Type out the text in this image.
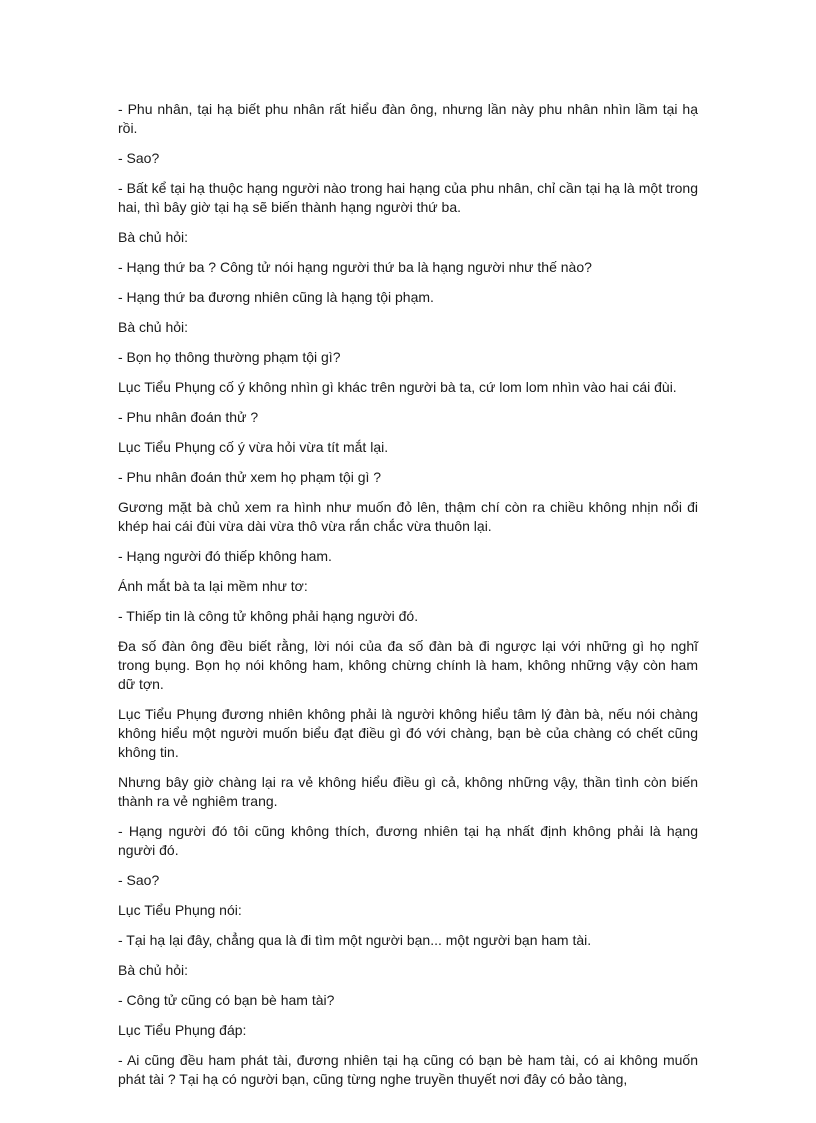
- Phu nhân, tại hạ biết phu nhân rất hiểu đàn ông, nhưng lần này phu nhân nhìn lầm tại hạ rồi.

- Sao?

- Bất kể tại hạ thuộc hạng người nào trong hai hạng của phu nhân, chỉ cần tại hạ là một trong hai, thì bây giờ tại hạ sẽ biến thành hạng người thứ ba.

Bà chủ hỏi:

- Hạng thứ ba ? Công tử nói hạng người thứ ba là hạng người như thế nào?

- Hạng thứ ba đương nhiên cũng là hạng tội phạm.

Bà chủ hỏi:

- Bọn họ thông thường phạm tội gì?

Lục Tiểu Phụng cố ý không nhìn gì khác trên người bà ta, cứ lom lom nhìn vào hai cái đùi.

- Phu nhân đoán thử ?

Lục Tiểu Phụng cố ý vừa hỏi vừa tít mắt lại.

- Phu nhân đoán thử xem họ phạm tội gì ?

Gương mặt bà chủ xem ra hình như muốn đỏ lên, thậm chí còn ra chiều không nhịn nổi đi khép hai cái đùi vừa dài vừa thô vừa rắn chắc vừa thuôn lại.

- Hạng người đó thiếp không ham.

Ánh mắt bà ta lại mềm như tơ:

- Thiếp tin là công tử không phải hạng người đó.

Đa số đàn ông đều biết rằng, lời nói của đa số đàn bà đi ngược lại với những gì họ nghĩ trong bụng. Bọn họ nói không ham, không chừng chính là ham, không những vậy còn ham dữ tợn.

Lục Tiểu Phụng đương nhiên không phải là người không hiểu tâm lý đàn bà, nếu nói chàng không hiểu một người muốn biểu đạt điều gì đó với chàng, bạn bè của chàng có chết cũng không tin.

Nhưng bây giờ chàng lại ra vẻ không hiểu điều gì cả, không những vậy, thần tình còn biến thành ra vẻ nghiêm trang.

- Hạng người đó tôi cũng không thích, đương nhiên tại hạ nhất định không phải là hạng người đó.

- Sao?

Lục Tiểu Phụng nói:

- Tại hạ lại đây, chẳng qua là đi tìm một người bạn... một người bạn ham tài.

Bà chủ hỏi:

- Công tử cũng có bạn bè ham tài?

Lục Tiểu Phụng đáp:

- Ai cũng đều ham phát tài, đương nhiên tại hạ cũng có bạn bè ham tài, có ai không muốn phát tài ? Tại hạ có người bạn, cũng từng nghe truyền thuyết nơi đây có bảo tàng,
